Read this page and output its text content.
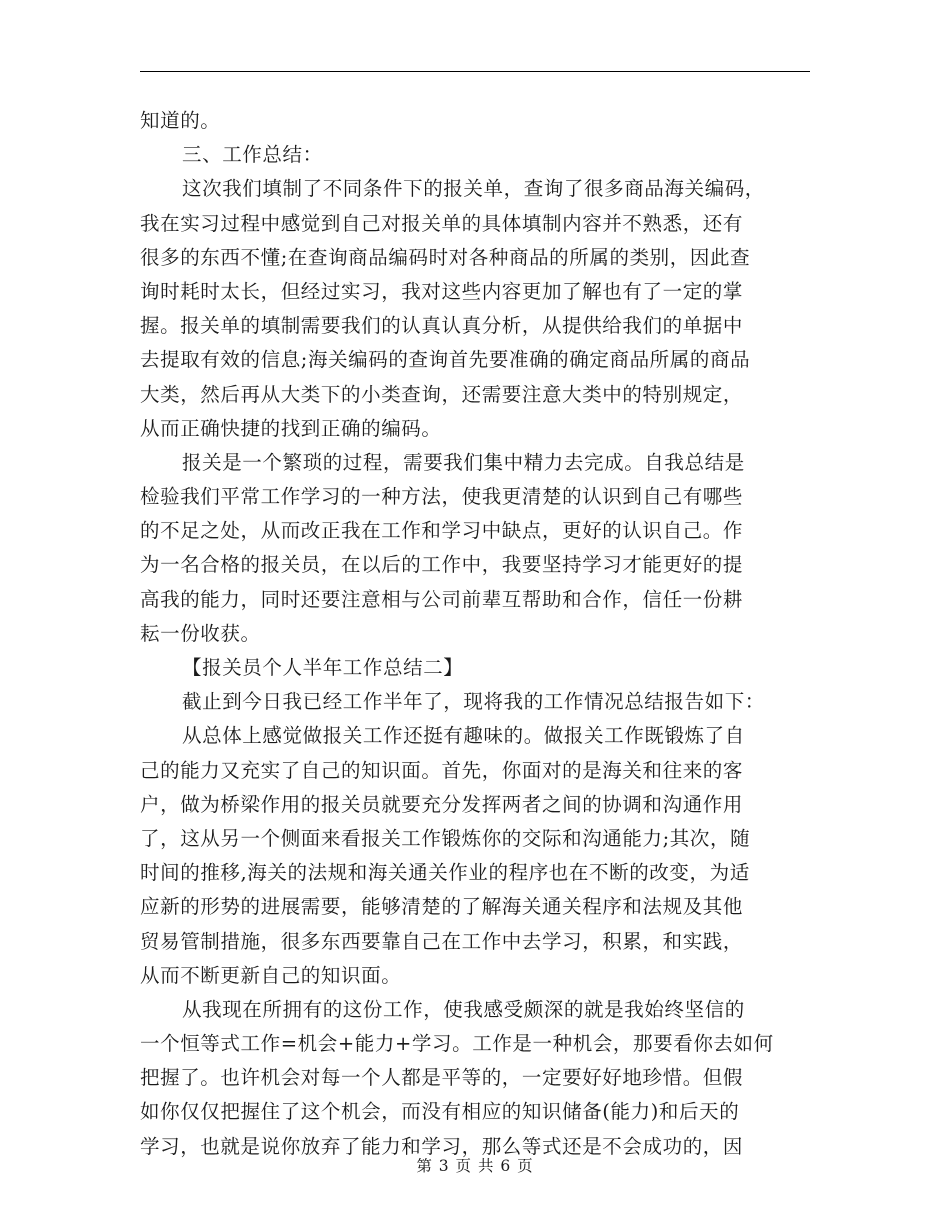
知道的。
三、工作总结：
这次我们填制了不同条件下的报关单，查询了很多商品海关编码，
我在实习过程中感觉到自己对报关单的具体填制内容并不熟悉，还有
很多的东西不懂;在查询商品编码时对各种商品的所属的类别，因此查
询时耗时太长，但经过实习，我对这些内容更加了解也有了一定的掌
握。报关单的填制需要我们的认真认真分析，从提供给我们的单据中
去提取有效的信息;海关编码的查询首先要准确的确定商品所属的商品
大类，然后再从大类下的小类查询，还需要注意大类中的特别规定，
从而正确快捷的找到正确的编码。
报关是一个繁琐的过程，需要我们集中精力去完成。自我总结是
检验我们平常工作学习的一种方法，使我更清楚的认识到自己有哪些
的不足之处，从而改正我在工作和学习中缺点，更好的认识自己。作
为一名合格的报关员，在以后的工作中，我要坚持学习才能更好的提
高我的能力，同时还要注意相与公司前辈互帮助和合作，信任一份耕
耘一份收获。
【报关员个人半年工作总结二】
截止到今日我已经工作半年了，现将我的工作情况总结报告如下：
从总体上感觉做报关工作还挺有趣味的。做报关工作既锻炼了自
己的能力又充实了自己的知识面。首先，你面对的是海关和往来的客
户，做为桥梁作用的报关员就要充分发挥两者之间的协调和沟通作用
了，这从另一个侧面来看报关工作锻炼你的交际和沟通能力;其次，随
时间的推移,海关的法规和海关通关作业的程序也在不断的改变，为适
应新的形势的进展需要，能够清楚的了解海关通关程序和法规及其他
贸易管制措施，很多东西要靠自己在工作中去学习，积累，和实践，
从而不断更新自己的知识面。
从我现在所拥有的这份工作，使我感受颇深的就是我始终坚信的
一个恒等式工作=机会+能力+学习。工作是一种机会，那要看你去如何
把握了。也许机会对每一个人都是平等的，一定要好好地珍惜。但假
如你仅仅把握住了这个机会，而没有相应的知识储备(能力)和后天的
学习，也就是说你放弃了能力和学习，那么等式还是不会成功的，因
第 3 页 共 6 页
